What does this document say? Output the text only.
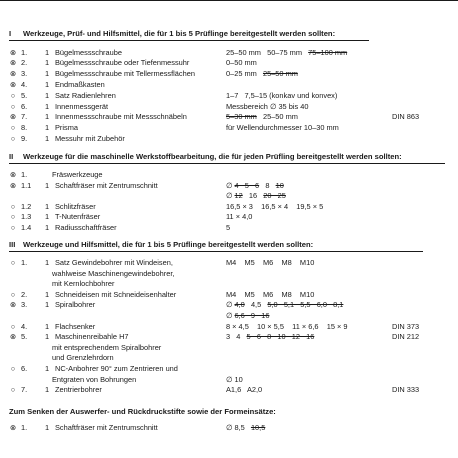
I Werkzeuge, Prüf- und Hilfsmittel, die für 1 bis 5 Prüflinge bereitgestellt werden sollten:
⊗ 1. 1 Bügelmessschraube	25–50 mm   50–75 mm   75–100 mm
⊗ 2. 1 Bügelmessschraube oder Tiefenmessuhr	0–50 mm
⊗ 3. 1 Bügelmessschraube mit Tellermessflächen	0–25 mm   25–50 mm
⊗ 4. 1 Endmaßkasten
○ 5. 1 Satz Radienlehren	1–7   7,5–15 (konkav und konvex)
○ 6. 1 Innenmessgerät	Messbereich ∅ 35 bis 40
⊗ 7. 1 Innenmessschraube mit Messschnäbeln	5–30 mm   25–50 mm	DIN 863
○ 8. 1 Prisma	für Wellendurchmesser 10–30 mm
○ 9. 1 Messuhr mit Zubehör
II Werkzeuge für die maschinelle Werkstoffbearbeitung, die für jeden Prüfling bereitgestellt werden sollten:
⊗ 1.	Fräswerkzeuge
⊗ 1.1 1 Schaftfräser mit Zentrumschnitt	∅ 4   5   6   8   10
∅ 12   16   20   25
○ 1.2 1 Schlitzfräser	16,5 × 3    16,5 × 4    19,5 × 5
○ 1.3 1 T-Nutenfräser	11 × 4,0
○ 1.4 1 Radiusschaftfräser	5
III Werkzeuge und Hilfsmittel, die für 1 bis 5 Prüflinge bereitgestellt werden sollten:
○ 1. 1 Satz Gewindebohrer mit Windeisen,	M4    M5    M6    M8    M10
wahlweise Maschinengewindebohrer,
mit Kernlochbohrer
○ 2. 1 Schneideisen mit Schneideisenhalter	M4    M5    M6    M8    M10
⊗ 3. 1 Spiralbohrer	∅ 4,0   4,5   5,0   5,1   5,5   6,0   8,1
∅ 6,6   9   16
○ 4. 1 Flachsenker	8 × 4,5    10 × 5,5    11 × 6,6    15 × 9	DIN 373
⊗ 5. 1 Maschinenreibahle H7	3   4   5   6   8   10   12   16	DIN 212
mit entsprechendem Spiralbohrer
und Grenzlehrdorn
○ 6. 1 NC-Anbohrer 90° zum Zentrieren und
Entgraten von Bohrungen	∅ 10
○ 7. 1 Zentrierbohrer	A1,6   A2,0	DIN 333
Zum Senken der Auswerfer- und Rückdruckstifte sowie der Formeinsätze:
⊗ 1. 1 Schaftfräser mit Zentrumschnitt	∅ 8,5   10,5
